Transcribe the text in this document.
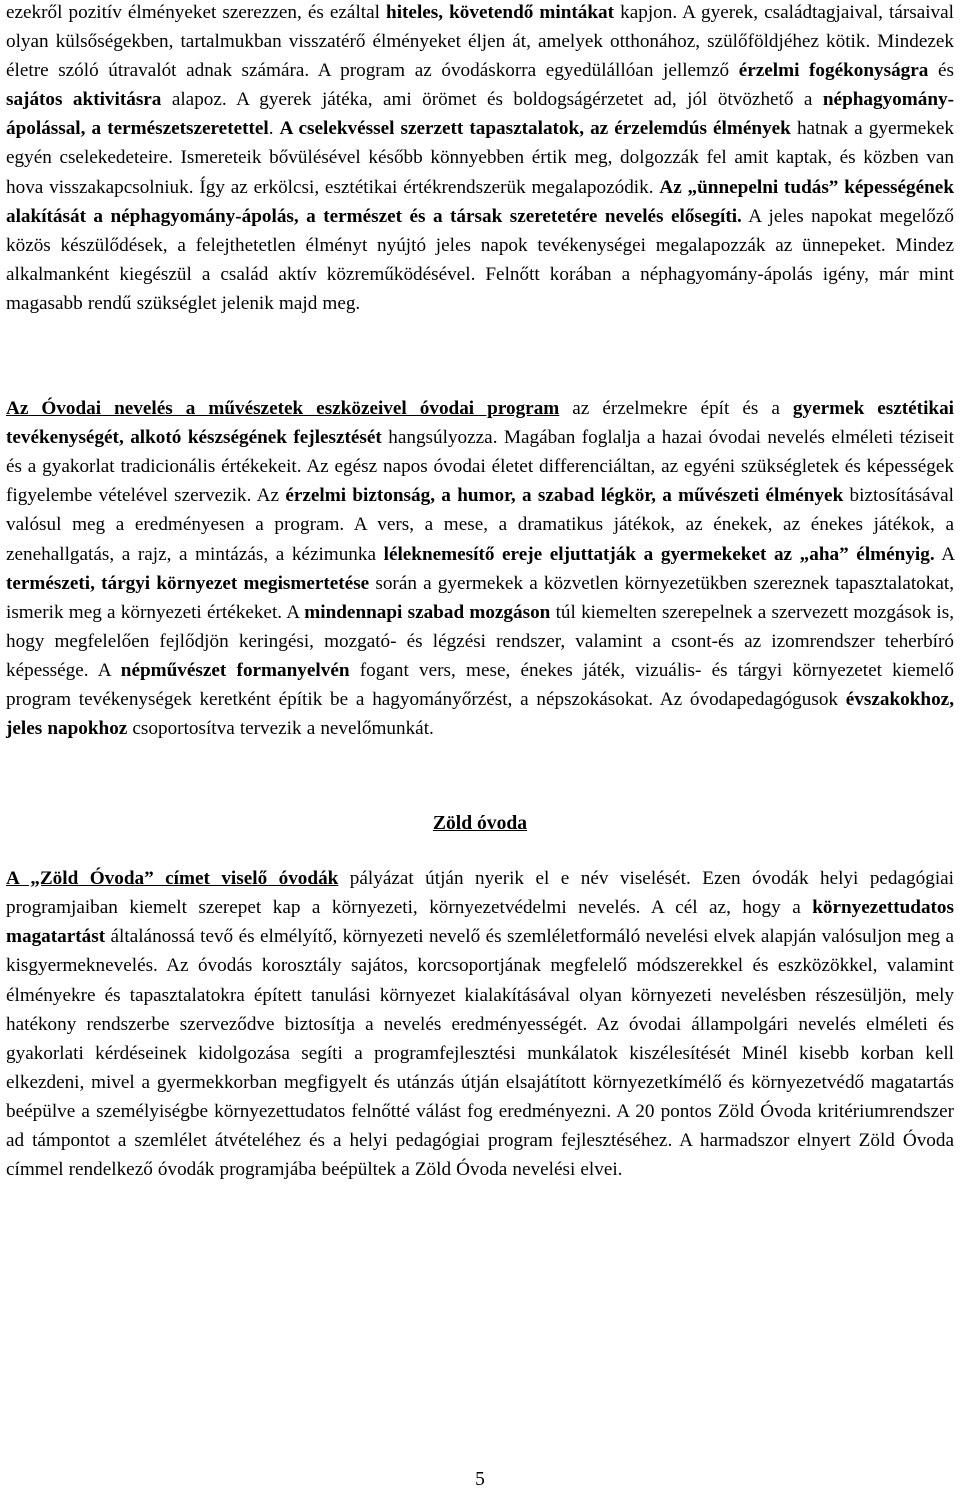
ezekről pozitív élményeket szerezzen, és ezáltal hiteles, követendő mintákat kapjon. A gyerek, családtagjaival, társaival olyan külsőségekben, tartalmukban visszatérő élményeket éljen át, amelyek otthonához, szülőföldjéhez kötik. Mindezek életre szóló útravalót adnak számára. A program az óvodáskorra egyedülállóan jellemző érzelmi fogékonyságra és sajátos aktivitásra alapoz. A gyerek játéka, ami örömet és boldogságérzetet ad, jól ötvözhető a néphagyomány-ápolással, a természetszeretettel. A cselekvéssel szerzett tapasztalatok, az érzelemdús élmények hatnak a gyermekek egyén cselekedeteire. Ismereteik bővülésével később könnyebben értik meg, dolgozzák fel amit kaptak, és közben van hova visszakapcsolniuk. Így az erkölcsi, esztétikai értékrendszerük megalapozódik. Az „ünnepelni tudás” képességének alakítását a néphagyomány-ápolás, a természet és a társak szeretetére nevelés elősegíti. A jeles napokat megelőző közös készülődések, a felejthetetlen élményt nyújtó jeles napok tevékenységei megalapozzák az ünnepeket. Mindez alkalmanként kiegészül a család aktív közreműködésével. Felnőtt korában a néphagyomány-ápolás igény, már mint magasabb rendű szükséglet jelenik majd meg.

Az Óvodai nevelés a művészetek eszközeivel óvodai program az érzelmekre épít és a gyermek esztétikai tevékenységét, alkotó készségének fejlesztését hangsúlyozza. Magában foglalja a hazai óvodai nevelés elméleti téziseit és a gyakorlat tradicionális értékekeit. Az egész napos óvodai életet differenciáltan, az egyéni szükségletek és képességek figyelembe vételével szervezik. Az érzelmi biztonság, a humor, a szabad légkör, a művészeti élmények biztosításával valósul meg a eredményesen a program. A vers, a mese, a dramatikus játékok, az énekek, az énekes játékok, a zenehallgatás, a rajz, a mintázás, a kézimunka léleknemesítő ereje eljuttatják a gyermekeket az „aha” élményig. A természeti, tárgyi környezet megismertetése során a gyermekek a közvetlen környezetükben szereznek tapasztalatokat, ismerik meg a környezeti értékeket. A mindennapi szabad mozgáson túl kiemelten szerepelnek a szervezett mozgások is, hogy megfelelően fejlődjön keringési, mozgató- és légzési rendszer, valamint a csont-és az izomrendszer teherbíró képessége. A népművészet formanyelvén fogant vers, mese, énekes játék, vizuális- és tárgyi környezetet kiemelő program tevékenységek keretként építik be a hagyományőrzést, a népszokásokat. Az óvodapedagógusok évszakokhoz, jeles napokhoz csoportosítva tervezik a nevelőmunkát.

Zöld óvoda

A „Zöld Óvoda” címet viselő óvodák pályázat útján nyerik el e név viselését. Ezen óvodák helyi pedagógiai programjaiban kiemelt szerepet kap a környezeti, környezetvédelmi nevelés. A cél az, hogy a környezettudatos magatartást általánossá tevő és elmélyítő, környezeti nevelő és szemléletformáló nevelési elvek alapján valósuljon meg a kisgyermeknevelés. Az óvodás korosztály sajátos, korcsoportjának megfelelő módszerekkel és eszközökkel, valamint élményekre és tapasztalatokra épített tanulási környezet kialakításával olyan környezeti nevelésben részesüljön, mely hatékony rendszerbe szerveződve biztosítja a nevelés eredményességét. Az óvodai állampolgári nevelés elméleti és gyakorlati kérdéseinek kidolgozása segíti a programfejlesztési munkálatok kiszélesítését Minél kisebb korban kell elkezdeni, mivel a gyermekkorban megfigyelt és utánzás útján elsajátított környezetkímélő és környezetvédő magatartás beépülve a személyiségbe környezettudatos felnőtté válást fog eredményezni. A 20 pontos Zöld Óvoda kritériumrendszer ad támpontot a szemlélet átvételéhez és a helyi pedagógiai program fejlesztéséhez. A harmadszor elnyert Zöld Óvoda címmel rendelkező óvodák programjába beépültek a Zöld Óvoda nevelési elvei.

5
